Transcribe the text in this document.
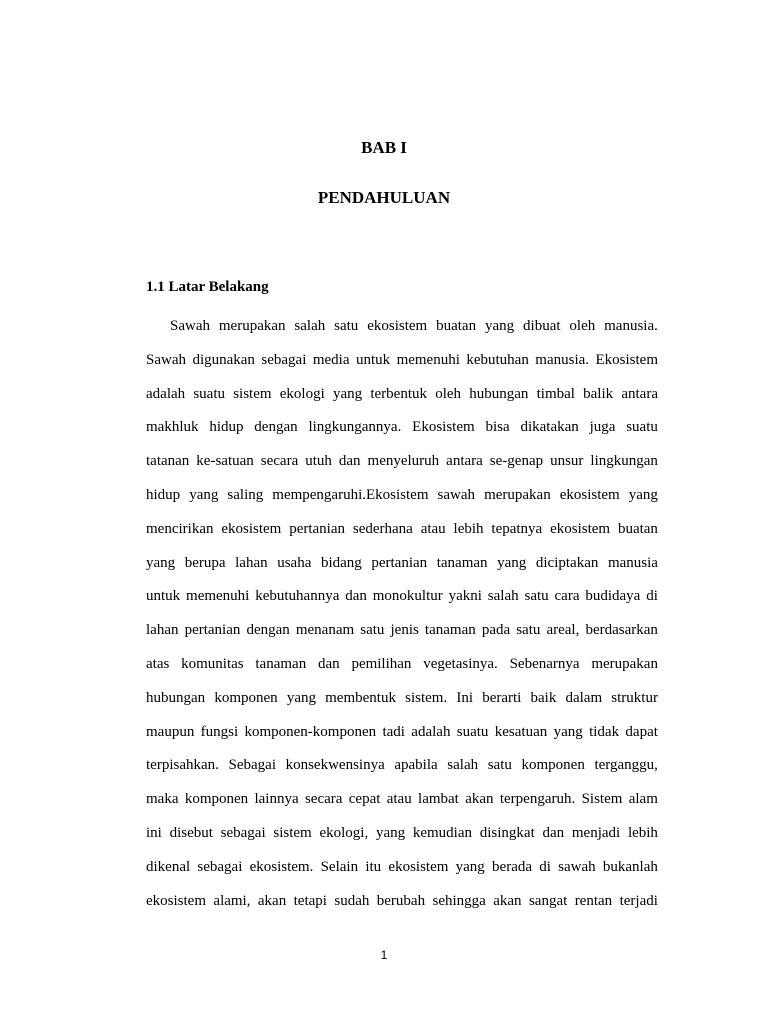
BAB I
PENDAHULUAN
1.1 Latar Belakang
Sawah merupakan salah satu ekosistem buatan yang dibuat oleh manusia.
Sawah digunakan sebagai media untuk memenuhi kebutuhan manusia. Ekosistem
adalah suatu sistem ekologi yang terbentuk oleh hubungan timbal balik antara
makhluk hidup dengan lingkungannya. Ekosistem bisa dikatakan juga suatu
tatanan ke-satuan secara utuh dan menyeluruh antara se-genap unsur lingkungan
hidup yang saling mempengaruhi.Ekosistem sawah merupakan ekosistem yang
mencirikan ekosistem pertanian sederhana atau lebih tepatnya ekosistem buatan
yang berupa lahan usaha bidang pertanian tanaman yang diciptakan manusia
untuk memenuhi kebutuhannya dan monokultur yakni salah satu cara budidaya di
lahan pertanian dengan menanam satu jenis tanaman pada satu areal, berdasarkan
atas komunitas tanaman dan pemilihan vegetasinya. Sebenarnya merupakan
hubungan komponen yang membentuk sistem. Ini berarti baik dalam struktur
maupun fungsi komponen-komponen tadi adalah suatu kesatuan yang tidak dapat
terpisahkan. Sebagai konsekwensinya apabila salah satu komponen terganggu,
maka komponen lainnya secara cepat atau lambat akan terpengaruh. Sistem alam
ini disebut sebagai sistem ekologi, yang kemudian disingkat dan menjadi lebih
dikenal sebagai ekosistem. Selain itu ekosistem yang berada di sawah bukanlah
ekosistem alami, akan tetapi sudah berubah sehingga akan sangat rentan terjadi
1
